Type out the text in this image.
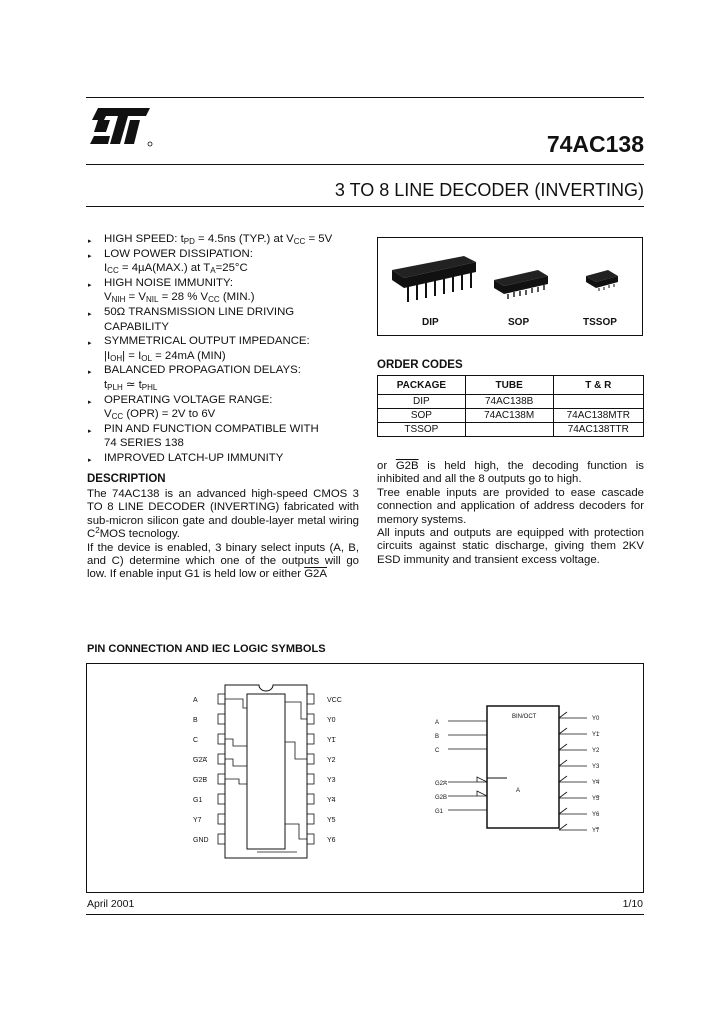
74AC138
3 TO 8 LINE DECODER (INVERTING)
▸ HIGH SPEED: $t_{PD} = 4.5ns$ (TYP.) at $V_{CC} = 5V$
▸ LOW POWER DISSIPATION:
$I_{CC} = 4\mu A(MAX.)$ at $T_A=25^\circ C$
▸ HIGH NOISE IMMUNITY:
$V_{NIH} = V_{NIL} = 28$ % $V_{CC}$ (MIN.)
▸ 50Ω TRANSMISSION LINE DRIVING
CAPABILITY
▸ SYMMETRICAL OUTPUT IMPEDANCE:
$|I_{OH}| = I_{OL} = 24mA$ (MIN)
▸ BALANCED PROPAGATION DELAYS:
$t_{PLH}$ ≃ $t_{PHL}$
▸ OPERATING VOLTAGE RANGE:
$V_{CC}$ (OPR) = 2V to 6V
▸ PIN AND FUNCTION COMPATIBLE WITH
74 SERIES 138
▸ IMPROVED LATCH-UP IMMUNITY
DIP	SOP	TSSOP
ORDER CODES
PACKAGE	TUBE	T & R
DIP	74AC138B	
SOP	74AC138M	74AC138MTR
TSSOP		74AC138TTR
DESCRIPTION
The 74AC138 is an advanced high-speed CMOS 3 TO 8 LINE DECODER (INVERTING) fabricated with sub-micron silicon gate and double-layer metal wiring $C^2MOS$ tecnology.
If the device is enabled, 3 binary select inputs (A, B, and C) determine which one of the outputs will go low. If enable input G1 is held low or either G2A
or G2B is held high, the decoding function is inhibited and all the 8 outputs go to high.
Tree enable inputs are provided to ease cascade connection and application of address decoders for memory systems.
All inputs and outputs are equipped with protection circuits against static discharge, giving them 2KV ESD immunity and transient excess voltage.
PIN CONNECTION AND IEC LOGIC SYMBOLS
A
B
C
G2A
G2B
G1
Y7
GND
VCC
Y0
Y1
Y2
Y3
Y4
Y5
Y6
A
B
C
G2A
G2B
G1
A
BIN/OCT	Y0
Y1
Y2
Y3
Y4
Y5
Y6
Y7
April 2001	1/10
